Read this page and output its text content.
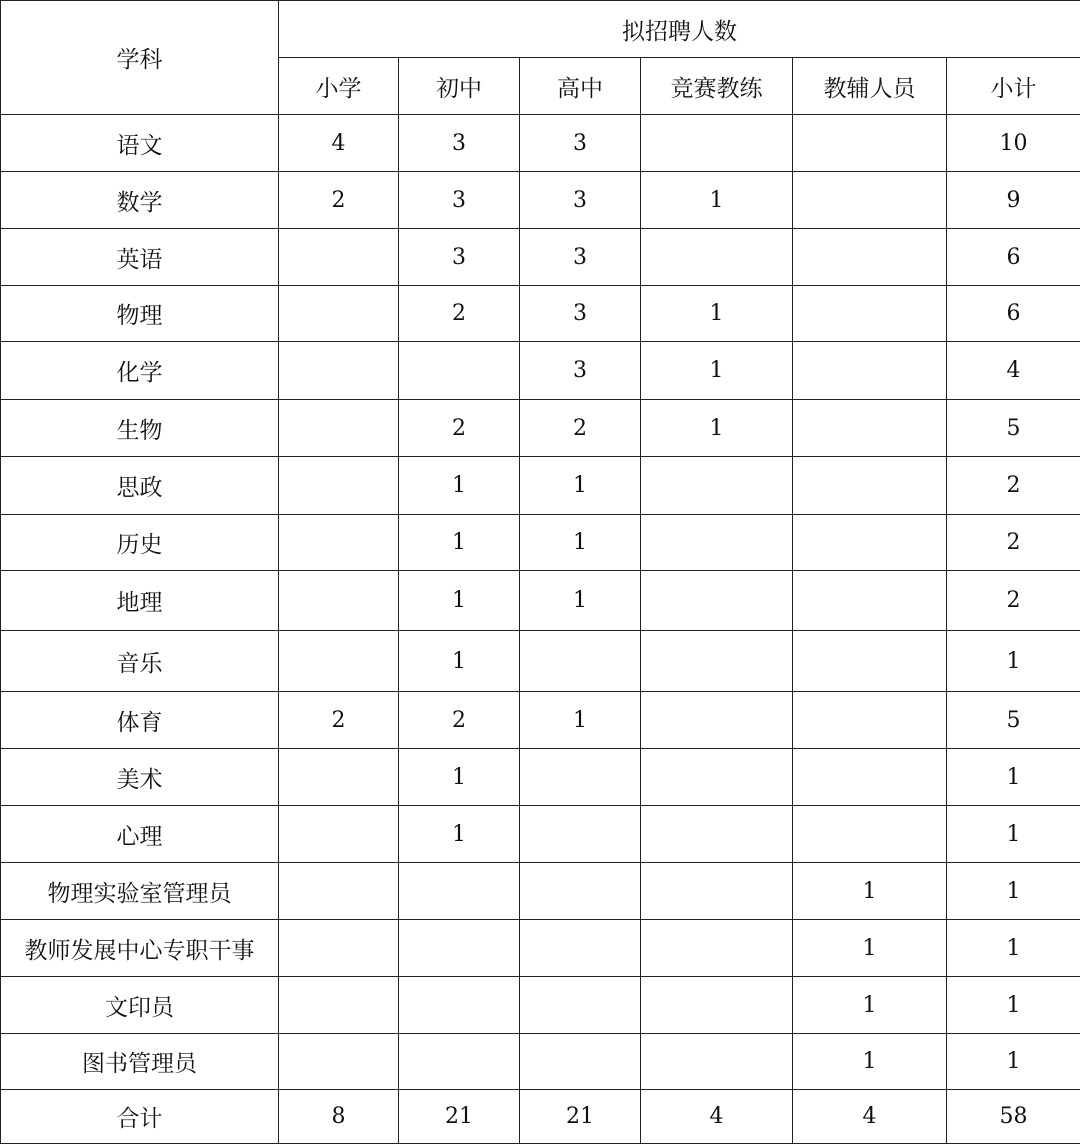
学科	拟招聘人数					
	小学	初中	高中	竞赛教练	教辅人员	小计
语文	4	3	3			10
数学	2	3	3	1		9
英语		3	3			6
物理		2	3	1		6
化学			3	1		4
生物		2	2	1		5
思政		1	1			2
历史		1	1			2
地理		1	1			2
音乐		1				1
体育	2	2	1			5
美术		1				1
心理		1				1
物理实验室管理员					1	1
教师发展中心专职干事					1	1
文印员					1	1
图书管理员					1	1
合计	8	21	21	4	4	58
